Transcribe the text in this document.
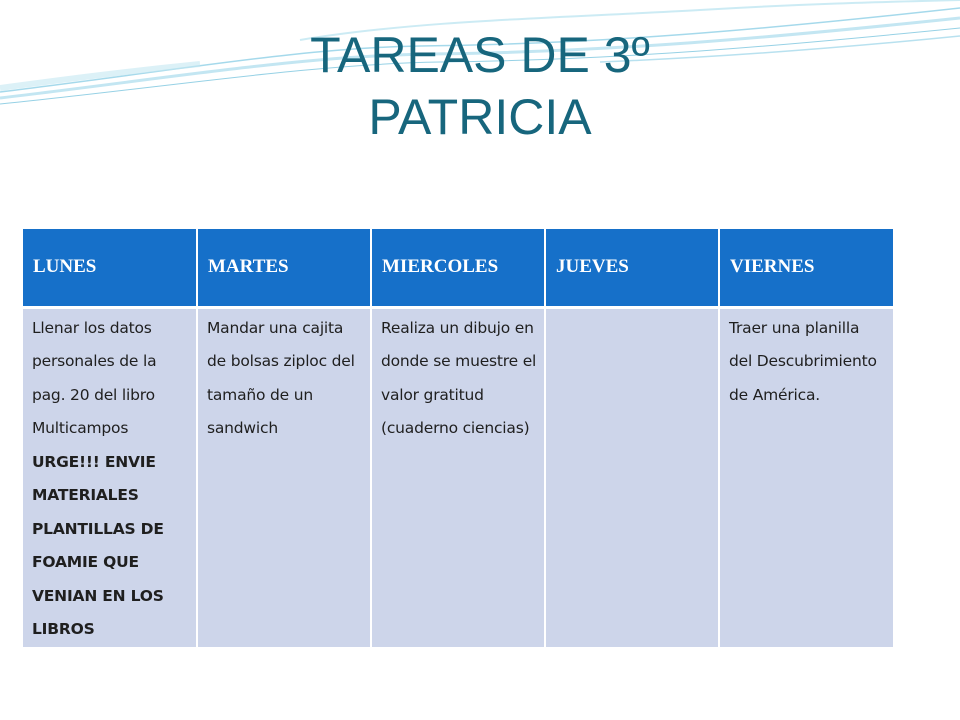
TAREAS DE 3º
PATRICIA
LUNES	MARTES	MIERCOLES	JUEVES	VIERNES
Llenar los datos personales de la pag. 20 del libro Multicampos URGE!!! ENVIE MATERIALES PLANTILLAS DE FOAMIE QUE VENIAN EN LOS LIBROS	Mandar una cajita de bolsas ziploc del tamaño de un sandwich	Realiza un dibujo en donde se muestre el valor gratitud (cuaderno ciencias)		Traer una planilla del Descubrimiento de América.
